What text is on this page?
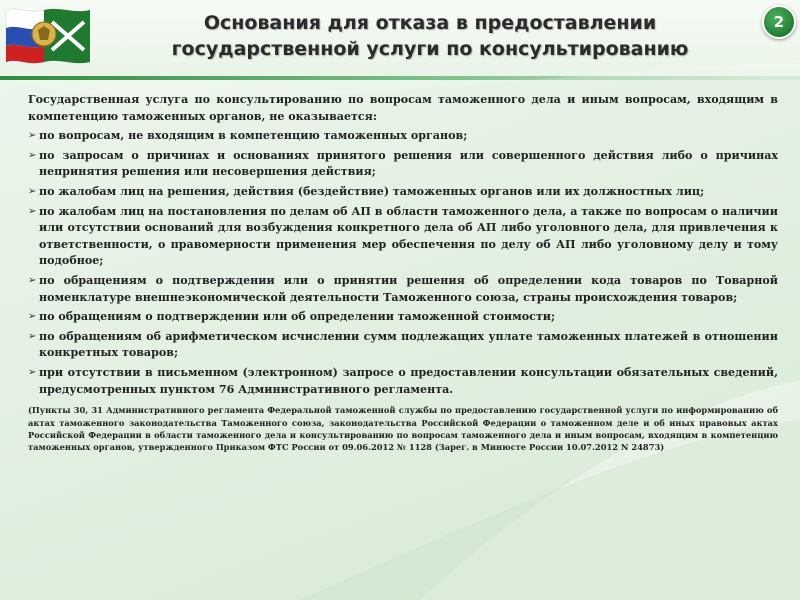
Основания для отказа в предоставлении
государственной услуги по консультированию
2

Государственная услуга по консультированию по вопросам таможенного дела и иным вопросам, входящим в компетенцию таможенных органов, не оказывается:

➢ по вопросам, не входящим в компетенцию таможенных органов;
➢ по запросам о причинах и основаниях принятого решения или совершенного действия либо о причинах непринятия решения или несовершения действия;
➢ по жалобам лиц на решения, действия (бездействие) таможенных органов или их должностных лиц;
➢ по жалобам лиц на постановления по делам об АП в области таможенного дела, а также по вопросам о наличии или отсутствии оснований для возбуждения конкретного дела об АП либо уголовного дела, для привлечения к ответственности, о правомерности применения мер обеспечения по делу об АП либо уголовному делу и тому подобное;
➢ по обращениям о подтверждении или о принятии решения об определении кода товаров по Товарной номенклатуре внешнеэкономической деятельности Таможенного союза, страны происхождения товаров;
➢ по обращениям о подтверждении или об определении таможенной стоимости;
➢ по обращениям об арифметическом исчислении сумм подлежащих уплате таможенных платежей в отношении конкретных товаров;
➢ при отсутствии в письменном (электронном) запросе о предоставлении консультации обязательных сведений, предусмотренных пунктом 76 Административного регламента.

(Пункты 30, 31 Административного регламента Федеральной таможенной службы по предоставлению государственной услуги по информированию об актах таможенного законодательства Таможенного союза, законодательства Российской Федерации о таможенном деле и об иных правовых актах Российской Федерации в области таможенного дела и консультированию по вопросам таможенного дела и иным вопросам, входящим в компетенцию таможенных органов, утвержденного Приказом ФТС России от 09.06.2012 № 1128 (Зарег. в Минюсте России 10.07.2012 N 24873)
